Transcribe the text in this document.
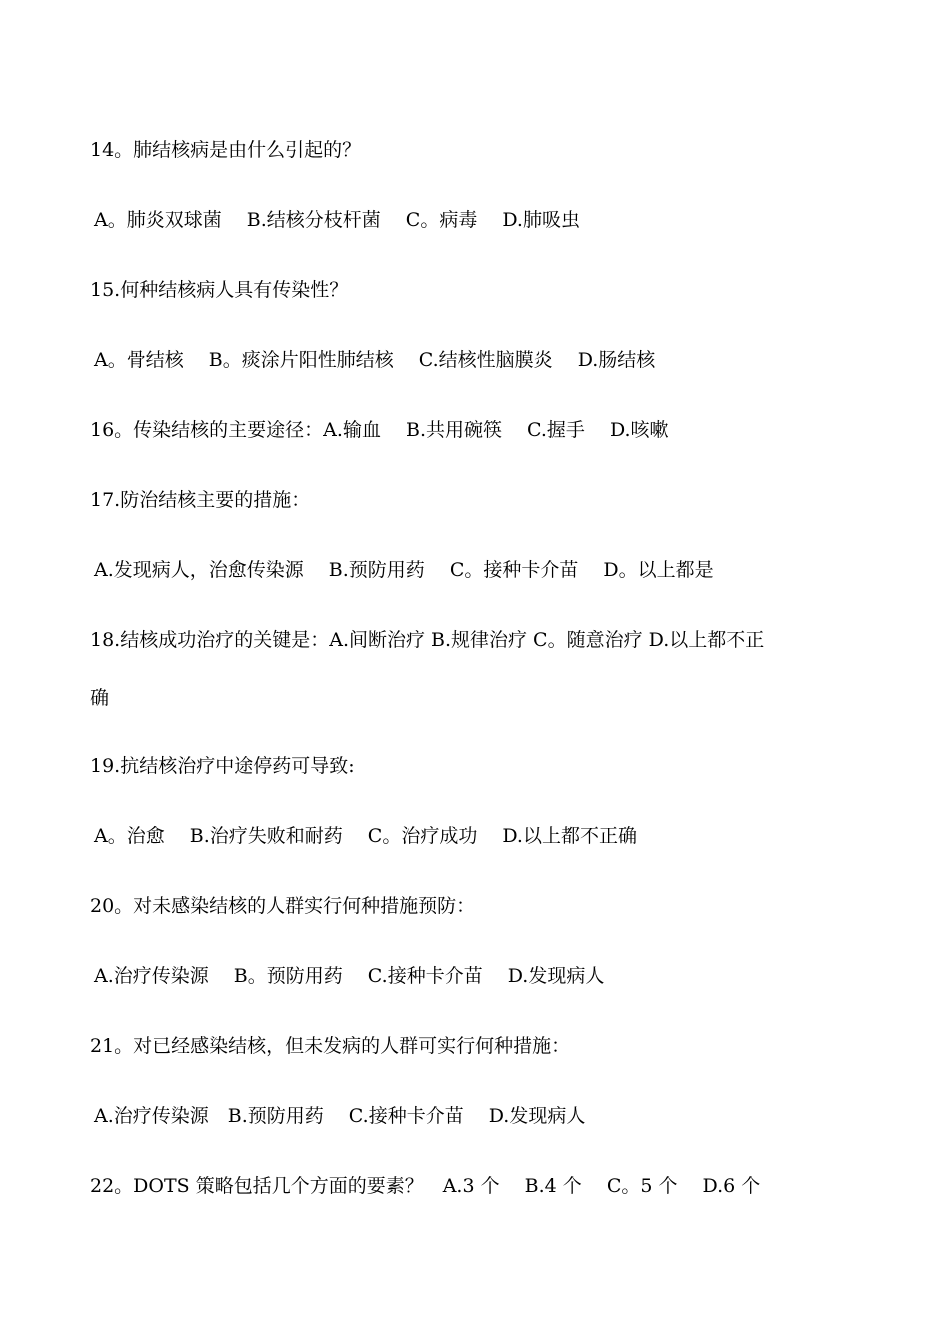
14。肺结核病是由什么引起的？
A。肺炎双球菌　 B.结核分枝杆菌　 C。病毒　 D.肺吸虫
15.何种结核病人具有传染性？
A。骨结核　 B。痰涂片阳性肺结核　 C.结核性脑膜炎　 D.肠结核
16。传染结核的主要途径：A.输血　 B.共用碗筷　 C.握手　 D.咳嗽
17.防治结核主要的措施：
A.发现病人，治愈传染源　 B.预防用药　 C。接种卡介苗　 D。以上都是
18.结核成功治疗的关键是：A.间断治疗 B.规律治疗 C。随意治疗 D.以上都不正
确
19.抗结核治疗中途停药可导致:
A。治愈　 B.治疗失败和耐药　 C。治疗成功　 D.以上都不正确
20。对未感染结核的人群实行何种措施预防：
A.治疗传染源　 B。预防用药　 C.接种卡介苗　 D.发现病人
21。对已经感染结核，但未发病的人群可实行何种措施：
A.治疗传染源　B.预防用药　 C.接种卡介苗　 D.发现病人
22。DOTS 策略包括几个方面的要素？　A.3 个　 B.4 个　 C。5 个　 D.6 个
